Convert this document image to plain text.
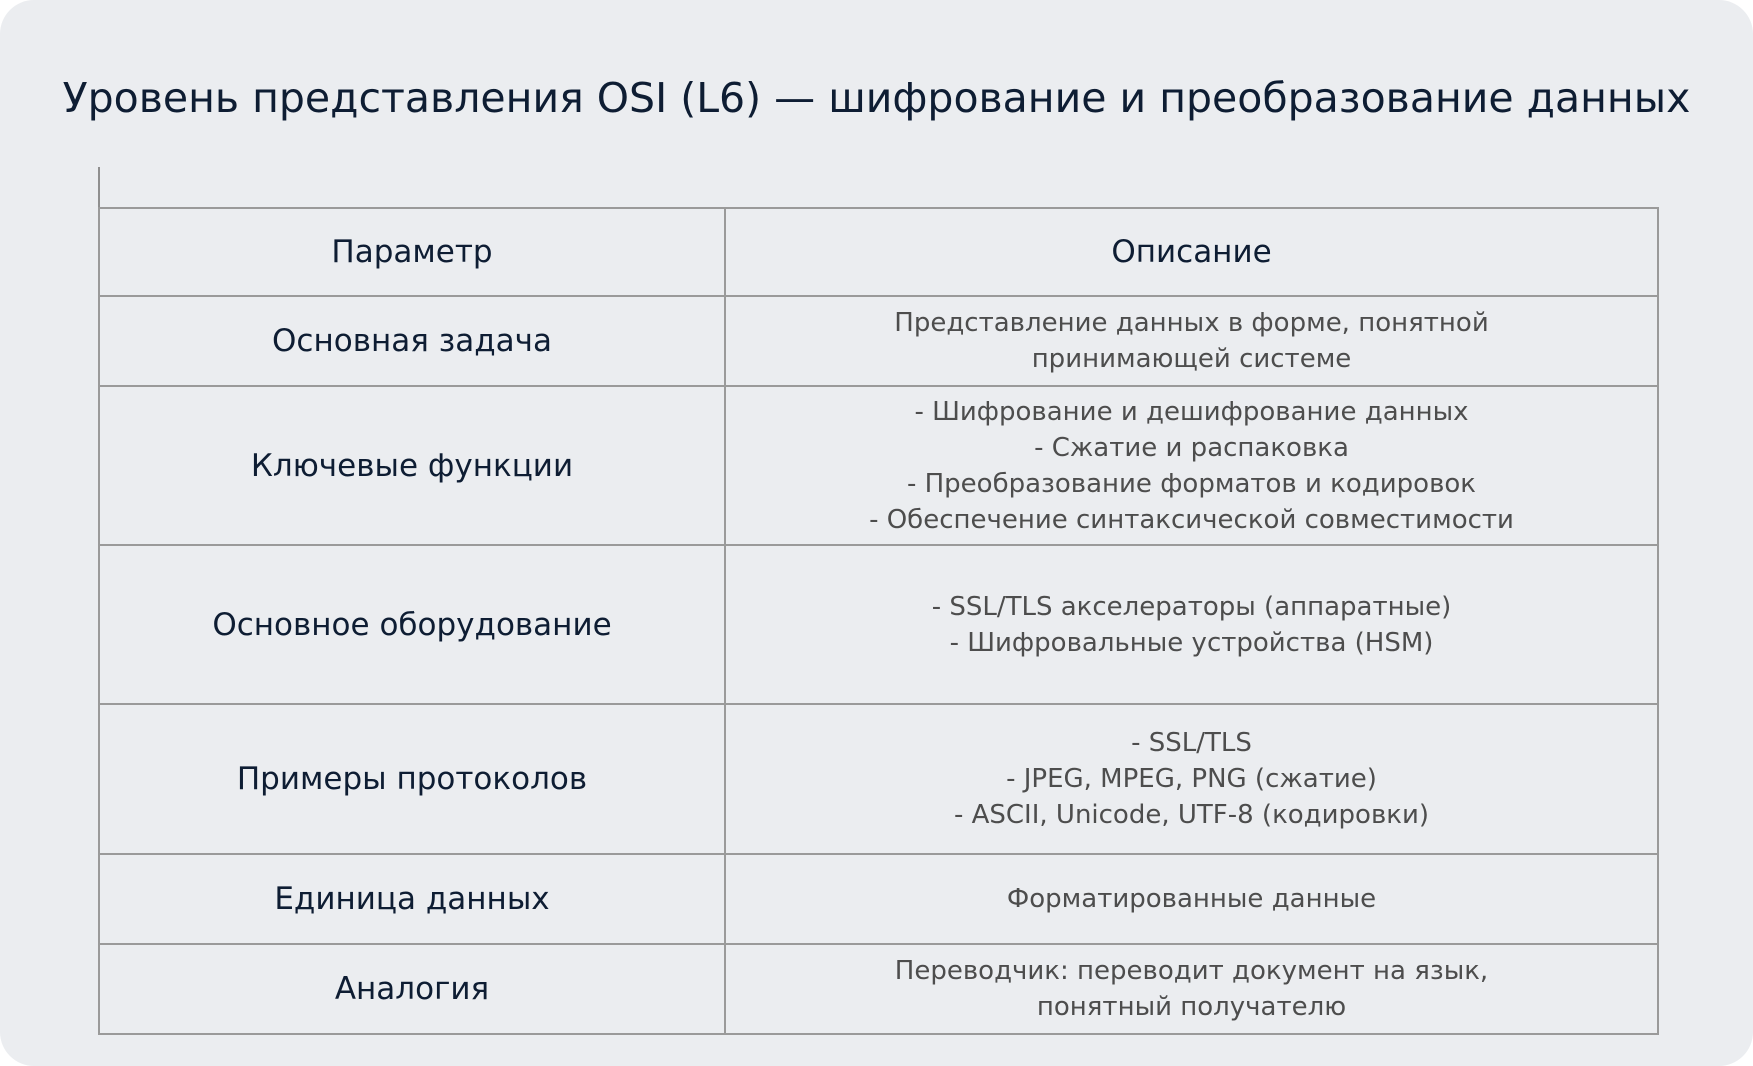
Уровень представления OSI (L6) — шифрование и преобразование данных
Параметр	Описание
Основная задача	Представление данных в форме, понятной
принимающей системе

Ключевые функции	- Шифрование и дешифрование данных
- Сжатие и распаковка
- Преобразование форматов и кодировок
- Обеспечение синтаксической совместимости

Основное оборудование	- SSL/TLS акселераторы (аппаратные)
- Шифровальные устройства (HSM)

Примеры протоколов	- SSL/TLS
- JPEG, MPEG, PNG (сжатие)
- ASCII, Unicode, UTF-8 (кодировки)

Единица данных	Форматированные данные

Аналогия	Переводчик: переводит документ на язык,
понятный получателю
